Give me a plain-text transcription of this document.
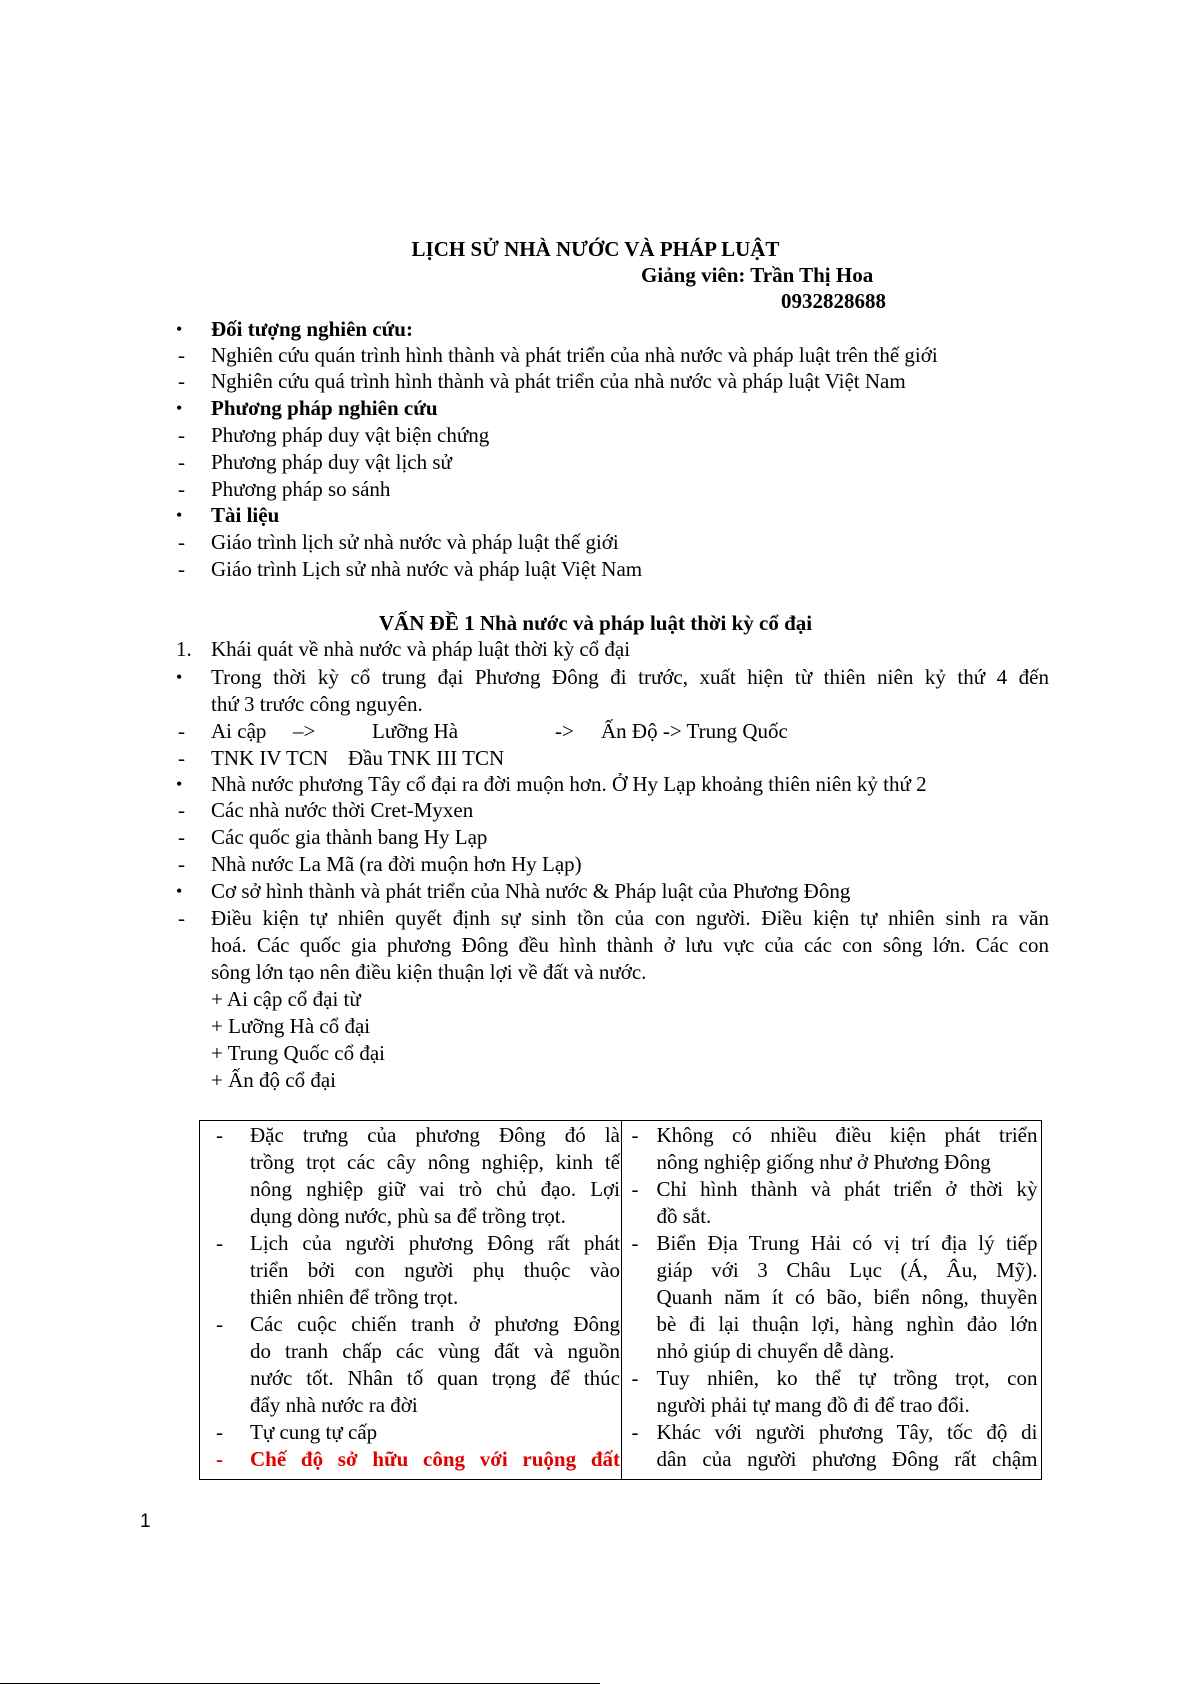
LỊCH SỬ NHÀ NƯỚC VÀ PHÁP LUẬT
Giảng viên: Trần Thị Hoa
0932828688
•	Đối tượng nghiên cứu:
-	Nghiên cứu quán trình hình thành và phát triển của nhà nước và pháp luật trên thế giới
-	Nghiên cứu quá trình hình thành và phát triển của nhà nước và pháp luật Việt Nam
•	Phương pháp nghiên cứu
-	Phương pháp duy vật biện chứng
-	Phương pháp duy vật lịch sử
-	Phương pháp so sánh
•	Tài liệu
-	Giáo trình lịch sử nhà nước và pháp luật thế giới
-	Giáo trình Lịch sử nhà nước và pháp luật Việt Nam
VẤN ĐỀ 1 Nhà nước và pháp luật thời kỳ cổ đại
1. Khái quát về nhà nước và pháp luật thời kỳ cổ đại
•	Trong thời kỳ cổ trung đại Phương Đông đi trước, xuất hiện từ thiên niên kỷ thứ 4 đến
thứ 3 trước công nguyên.
-	Ai cập –>	Lưỡng Hà	-> Ấn Độ -> Trung Quốc
-	TNK IV TCN Đầu TNK III TCN
•	Nhà nước phương Tây cổ đại ra đời muộn hơn. Ở Hy Lạp khoảng thiên niên kỷ thứ 2
-	Các nhà nước thời Cret-Myxen
-	Các quốc gia thành bang Hy Lạp
-	Nhà nước La Mã (ra đời muộn hơn Hy Lạp)
•	Cơ sở hình thành và phát triển của Nhà nước & Pháp luật của Phương Đông
-	Điều kiện tự nhiên quyết định sự sinh tồn của con người. Điều kiện tự nhiên sinh ra văn
hoá. Các quốc gia phương Đông đều hình thành ở lưu vực của các con sông lớn. Các con
sông lớn tạo nên điều kiện thuận lợi về đất và nước.
+ Ai cập cổ đại từ
+ Lưỡng Hà cổ đại
+ Trung Quốc cổ đại
+ Ấn độ cổ đại
- Đặc trưng của phương Đông đó là
trồng trọt các cây nông nghiệp, kinh tế
nông nghiệp giữ vai trò chủ đạo. Lợi
dụng dòng nước, phù sa để trồng trọt.
- Lịch của người phương Đông rất phát
triển bởi con người phụ thuộc vào
thiên nhiên để trồng trọt.
- Các cuộc chiến tranh ở phương Đông
do tranh chấp các vùng đất và nguồn
nước tốt. Nhân tố quan trọng để thúc
đẩy nhà nước ra đời
- Tự cung tự cấp
- Chế độ sở hữu công với ruộng đất

- Không có nhiều điều kiện phát triển
nông nghiệp giống như ở Phương Đông
- Chỉ hình thành và phát triển ở thời kỳ
đồ sắt.
- Biển Địa Trung Hải có vị trí địa lý tiếp
giáp với 3 Châu Lục (Á, Âu, Mỹ).
Quanh năm ít có bão, biển nông, thuyền
bè đi lại thuận lợi, hàng nghìn đảo lớn
nhỏ giúp di chuyển dễ dàng.
- Tuy nhiên, ko thể tự trồng trọt, con
người phải tự mang đồ đi để trao đổi.
- Khác với người phương Tây, tốc độ di
dân của người phương Đông rất chậm
1
